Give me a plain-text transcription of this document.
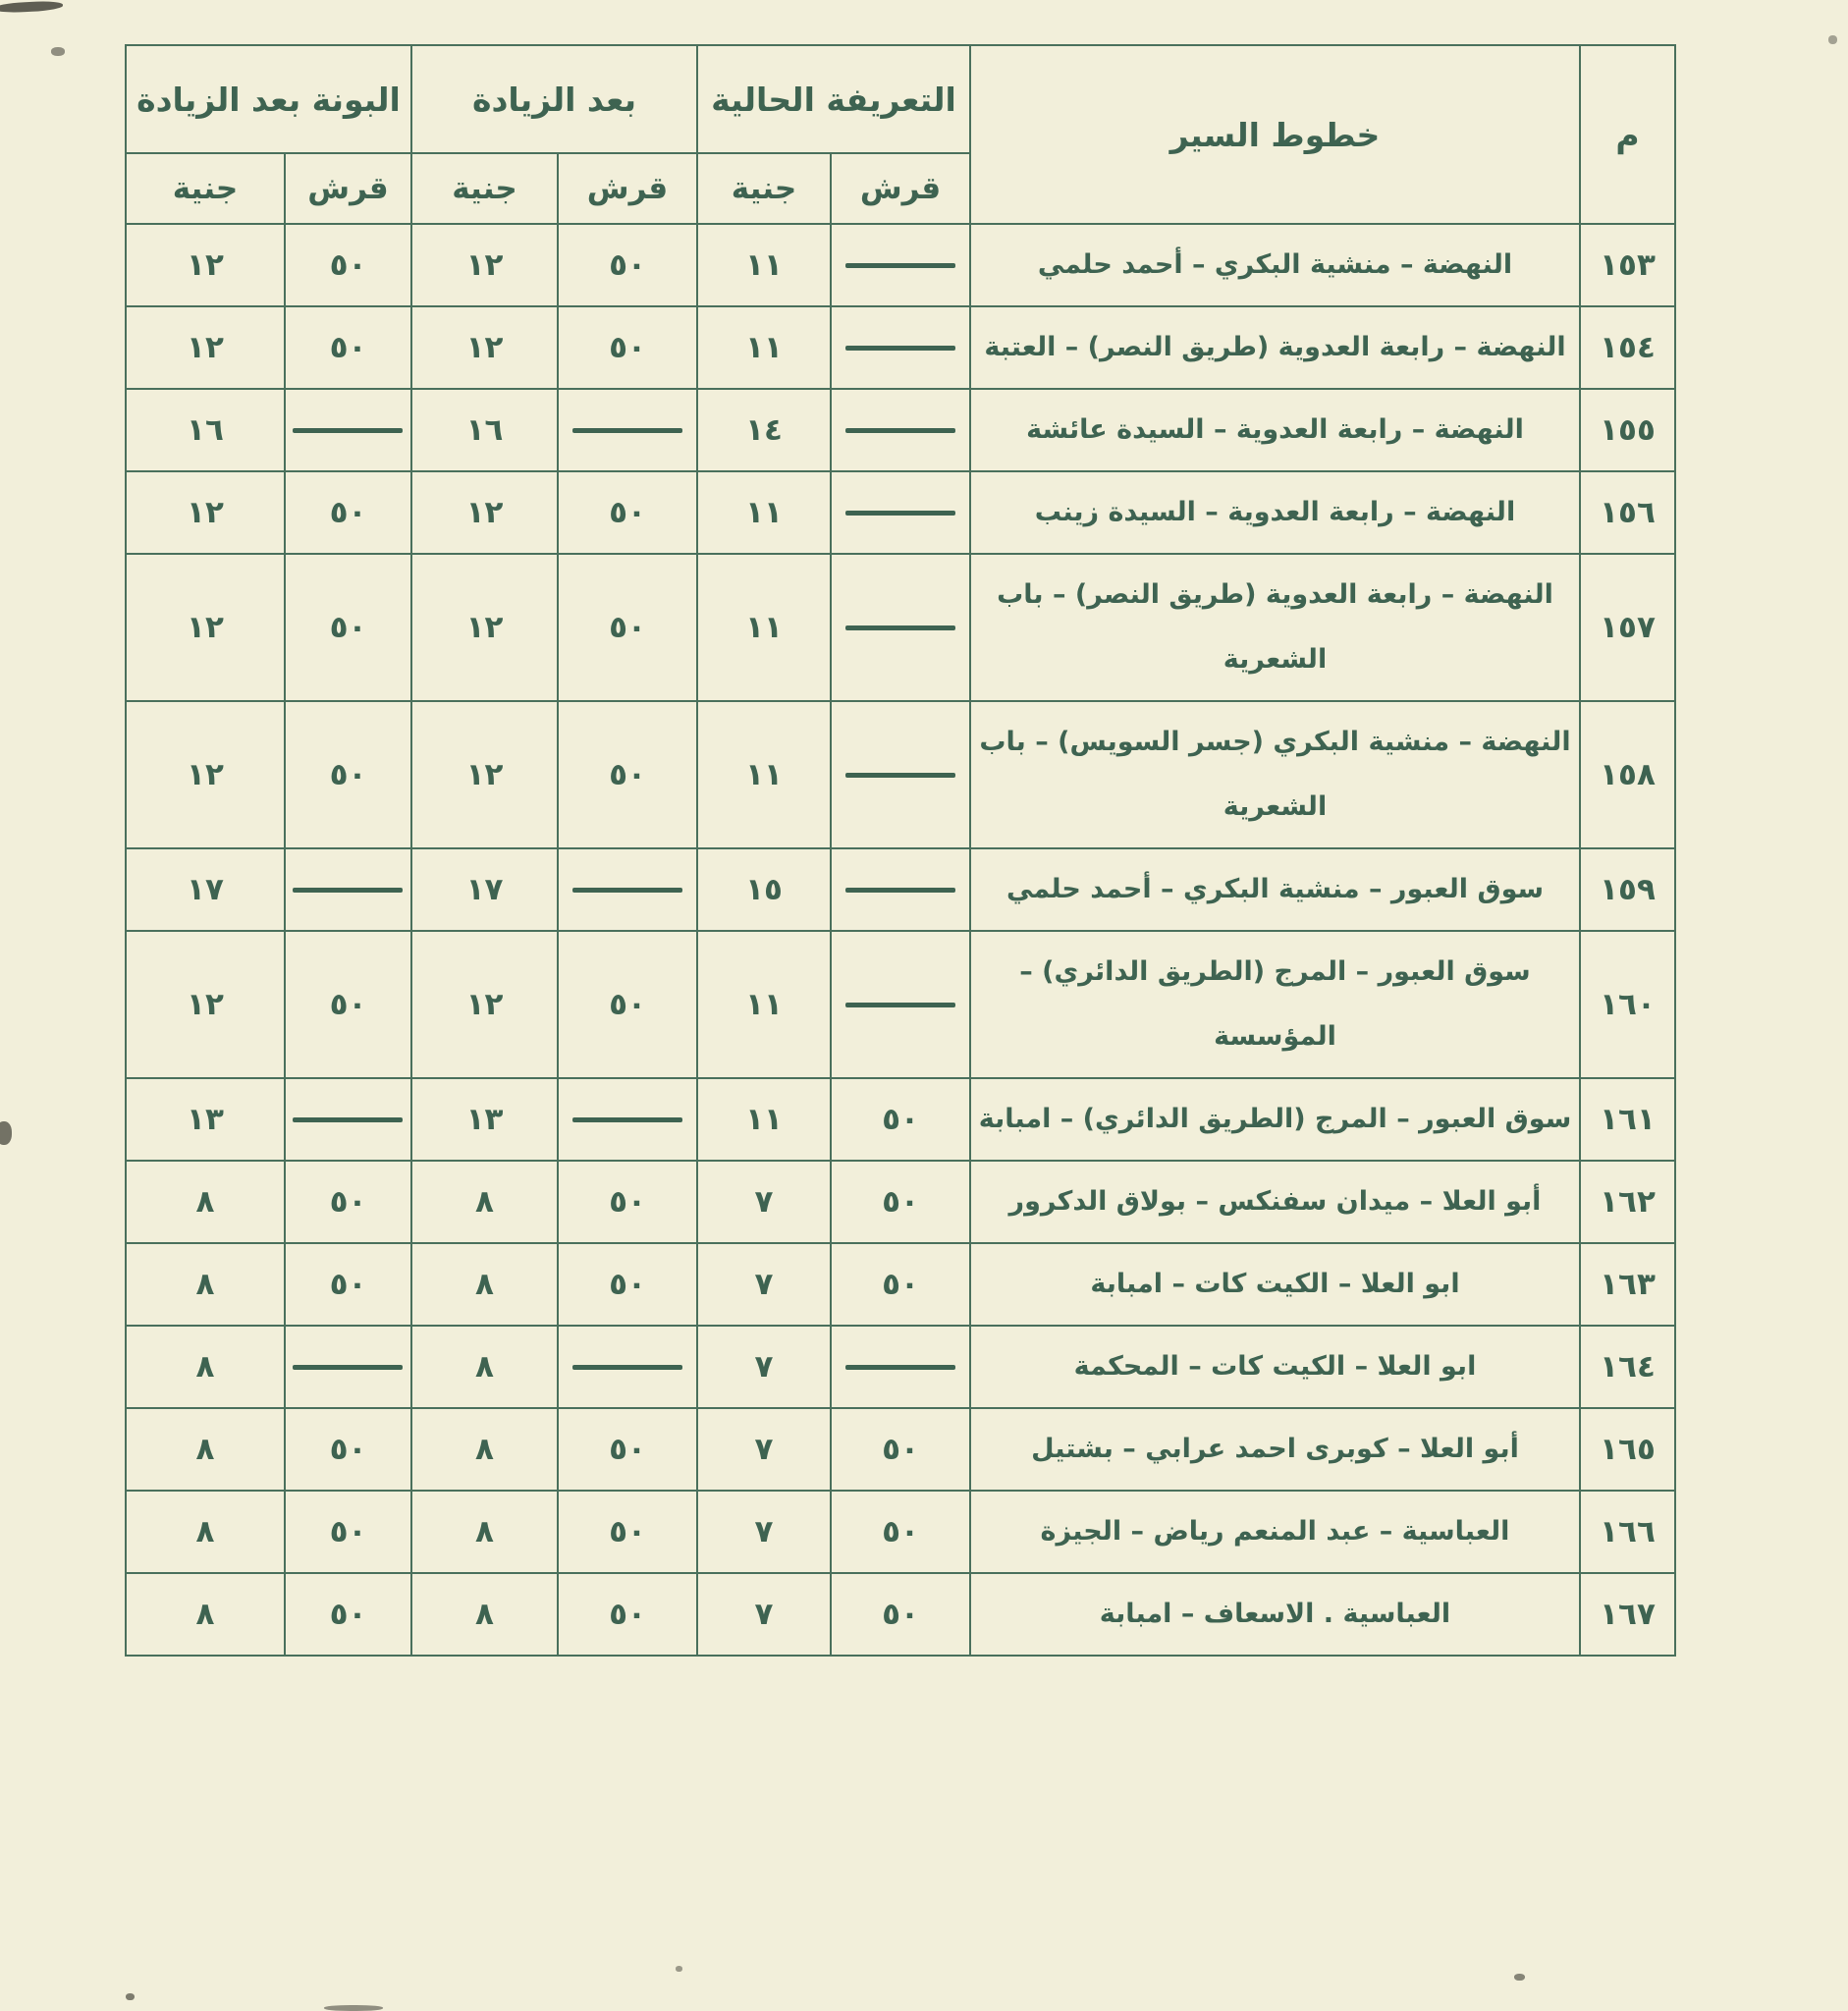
م	خطوط السير	التعريفة الحالية		بعد الزيادة		البونة بعد الزيادة	
		قرش	جنية	قرش	جنية	قرش	جنية
١٥٣	النهضة – منشية البكري – أحمد حلمي		١١	٥٠	١٢	٥٠	١٢
١٥٤	النهضة – رابعة العدوية (طريق النصر) – العتبة		١١	٥٠	١٢	٥٠	١٢
١٥٥	النهضة – رابعة العدوية – السيدة عائشة		١٤		١٦		١٦
١٥٦	النهضة – رابعة العدوية – السيدة زينب		١١	٥٠	١٢	٥٠	١٢
١٥٧	النهضة – رابعة العدوية (طريق النصر) – باب
الشعرية		١١	٥٠	١٢	٥٠	١٢
١٥٨	النهضة – منشية البكري (جسر السويس) – باب
الشعرية		١١	٥٠	١٢	٥٠	١٢
١٥٩	سوق العبور – منشية البكري – أحمد حلمي		١٥		١٧		١٧
١٦٠	سوق العبور – المرج (الطريق الدائري) –
المؤسسة		١١	٥٠	١٢	٥٠	١٢
١٦١	سوق العبور – المرج (الطريق الدائري) – امبابة	٥٠	١١		١٣		١٣
١٦٢	أبو العلا – ميدان سفنكس – بولاق الدكرور	٥٠	٧	٥٠	٨	٥٠	٨
١٦٣	ابو العلا – الكيت كات – امبابة	٥٠	٧	٥٠	٨	٥٠	٨
١٦٤	ابو العلا – الكيت كات – المحكمة		٧		٨		٨
١٦٥	أبو العلا – كوبرى احمد عرابي – بشتيل	٥٠	٧	٥٠	٨	٥٠	٨
١٦٦	العباسية – عبد المنعم رياض – الجيزة	٥٠	٧	٥٠	٨	٥٠	٨
١٦٧	العباسية . الاسعاف – امبابة	٥٠	٧	٥٠	٨	٥٠	٨
